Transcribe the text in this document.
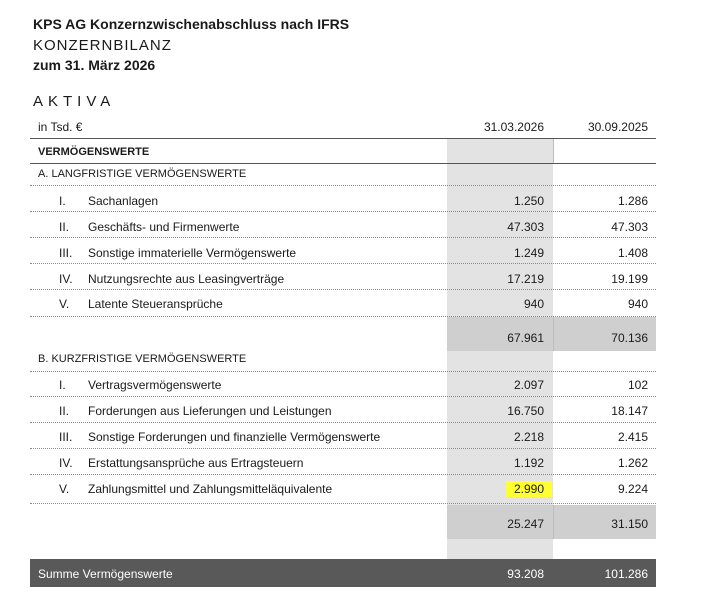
KPS AG Konzernzwischenabschluss nach IFRS
KONZERNBILANZ
zum 31. März 2026
AKTIVA
in Tsd. €	31.03.2026	30.09.2025
VERMÖGENSWERTE
A. LANGFRISTIGE VERMÖGENSWERTE
I.	Sachanlagen	1.250	1.286
II.	Geschäfts- und Firmenwerte	47.303	47.303
III.	Sonstige immaterielle Vermögenswerte	1.249	1.408
IV.	Nutzungsrechte aus Leasingverträge	17.219	19.199
V.	Latente Steueransprüche	940	940
67.961	70.136
B. KURZFRISTIGE VERMÖGENSWERTE
I.	Vertragsvermögenswerte	2.097	102
II.	Forderungen aus Lieferungen und Leistungen	16.750	18.147
III.	Sonstige Forderungen und finanzielle Vermögenswerte	2.218	2.415
IV.	Erstattungsansprüche aus Ertragsteuern	1.192	1.262
V.	Zahlungsmittel und Zahlungsmitteläquivalente	2.990	9.224
25.247	31.150
Summe Vermögenswerte	93.208	101.286
